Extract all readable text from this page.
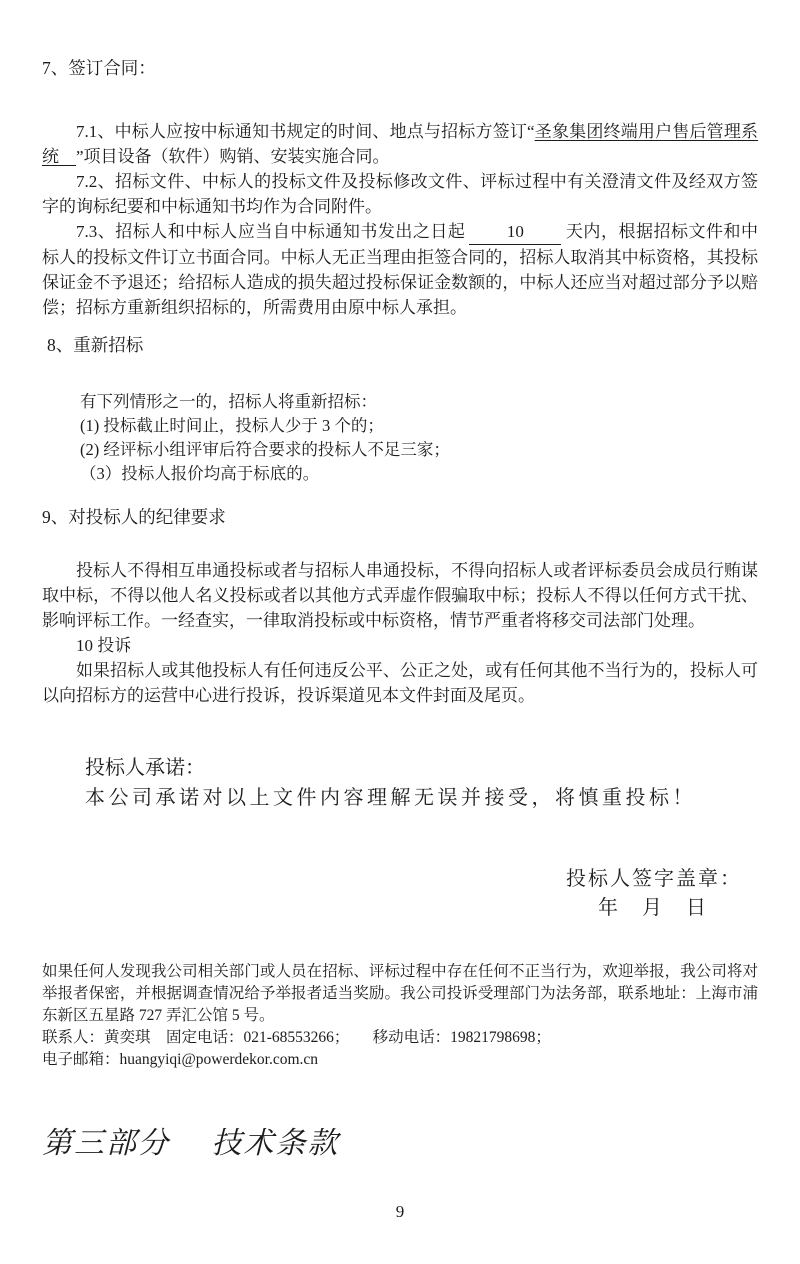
7、签订合同：

7.1、中标人应按中标通知书规定的时间、地点与招标方签订“圣象集团终端用户售后管理系统　”项目设备（软件）购销、安装实施合同。

7.2、招标文件、中标人的投标文件及投标修改文件、评标过程中有关澄清文件及经双方签字的询标纪要和中标通知书均作为合同附件。

7.3、招标人和中标人应当自中标通知书发出之日起 10 天内，根据招标文件和中标人的投标文件订立书面合同。中标人无正当理由拒签合同的，招标人取消其中标资格，其投标保证金不予退还；给招标人造成的损失超过投标保证金数额的，中标人还应当对超过部分予以赔偿；招标方重新组织招标的，所需费用由原中标人承担。

8、重新招标

有下列情形之一的，招标人将重新招标：

(1) 投标截止时间止，投标人少于 3 个的；

(2) 经评标小组评审后符合要求的投标人不足三家；

（3）投标人报价均高于标底的。

9、对投标人的纪律要求

投标人不得相互串通投标或者与招标人串通投标，不得向招标人或者评标委员会成员行贿谋取中标，不得以他人名义投标或者以其他方式弄虚作假骗取中标；投标人不得以任何方式干扰、影响评标工作。一经查实，一律取消投标或中标资格，情节严重者将移交司法部门处理。

10 投诉

如果招标人或其他投标人有任何违反公平、公正之处，或有任何其他不当行为的，投标人可以向招标方的运营中心进行投诉，投诉渠道见本文件封面及尾页。

投标人承诺：

本公司承诺对以上文件内容理解无误并接受，将慎重投标！

投标人签字盖章：

年　月　日

如果任何人发现我公司相关部门或人员在招标、评标过程中存在任何不正当行为，欢迎举报，我公司将对举报者保密，并根据调查情况给予举报者适当奖励。我公司投诉受理部门为法务部，联系地址：上海市浦东新区五星路 727 弄汇公馆 5 号。

联系人：黄奕琪　固定电话：021-68553266；　　移动电话：19821798698；

电子邮箱：huangyiqi@powerdekor.com.cn

第三部分　 技术条款
9
